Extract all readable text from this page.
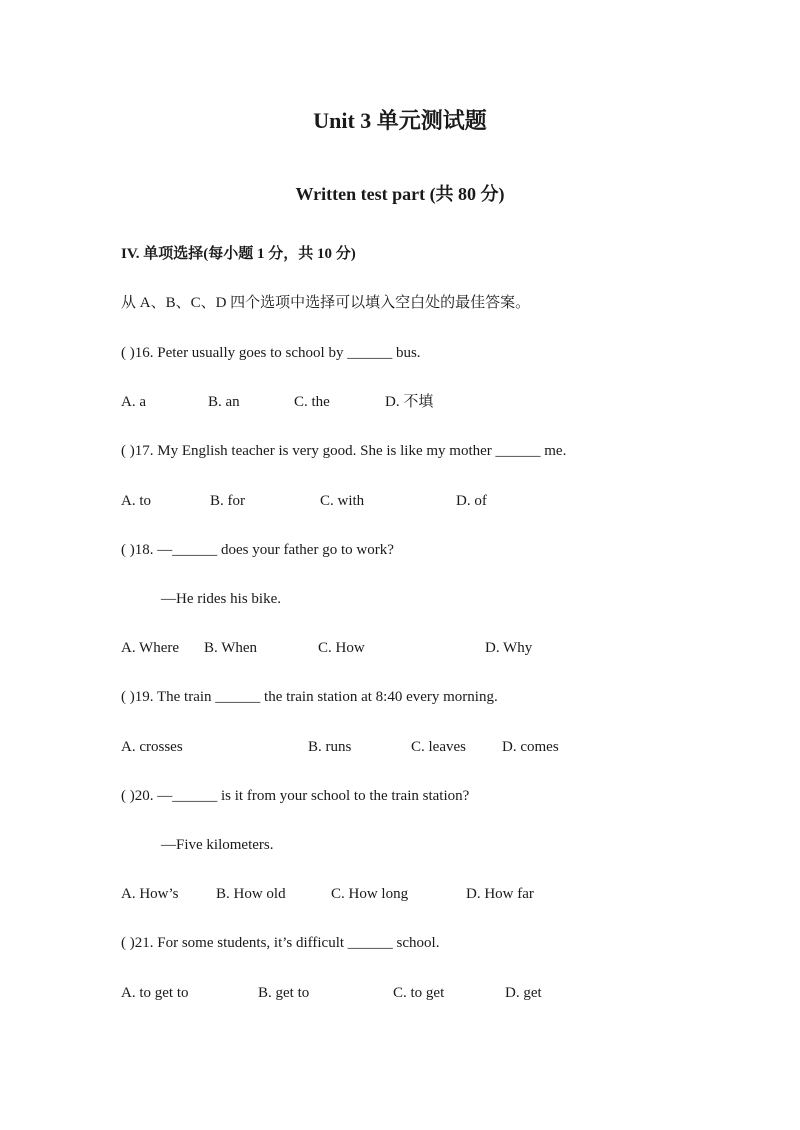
Unit 3 单元测试题
Written test part (共 80 分)
IV. 单项选择(每小题 1 分，共 10 分)
从 A、B、C、D 四个选项中选择可以填入空白处的最佳答案。
( )16. Peter usually goes to school by ______ bus.
A. a	B. an	C. the	D. 不填
( )17. My English teacher is very good. She is like my mother ______ me.
A. to	B. for	C. with	D. of
( )18. —______ does your father go to work?
—He rides his bike.
A. Where B. When	C. How	D. Why
( )19. The train ______ the train station at 8:40 every morning.
A. crosses	B. runs	C. leaves D. comes
( )20. —______ is it from your school to the train station?
—Five kilometers.
A. How’s B. How old	C. How long	D. How far
( )21. For some students, it’s difficult ______ school.
A. to get to	B. get to	C. to get	D. get
